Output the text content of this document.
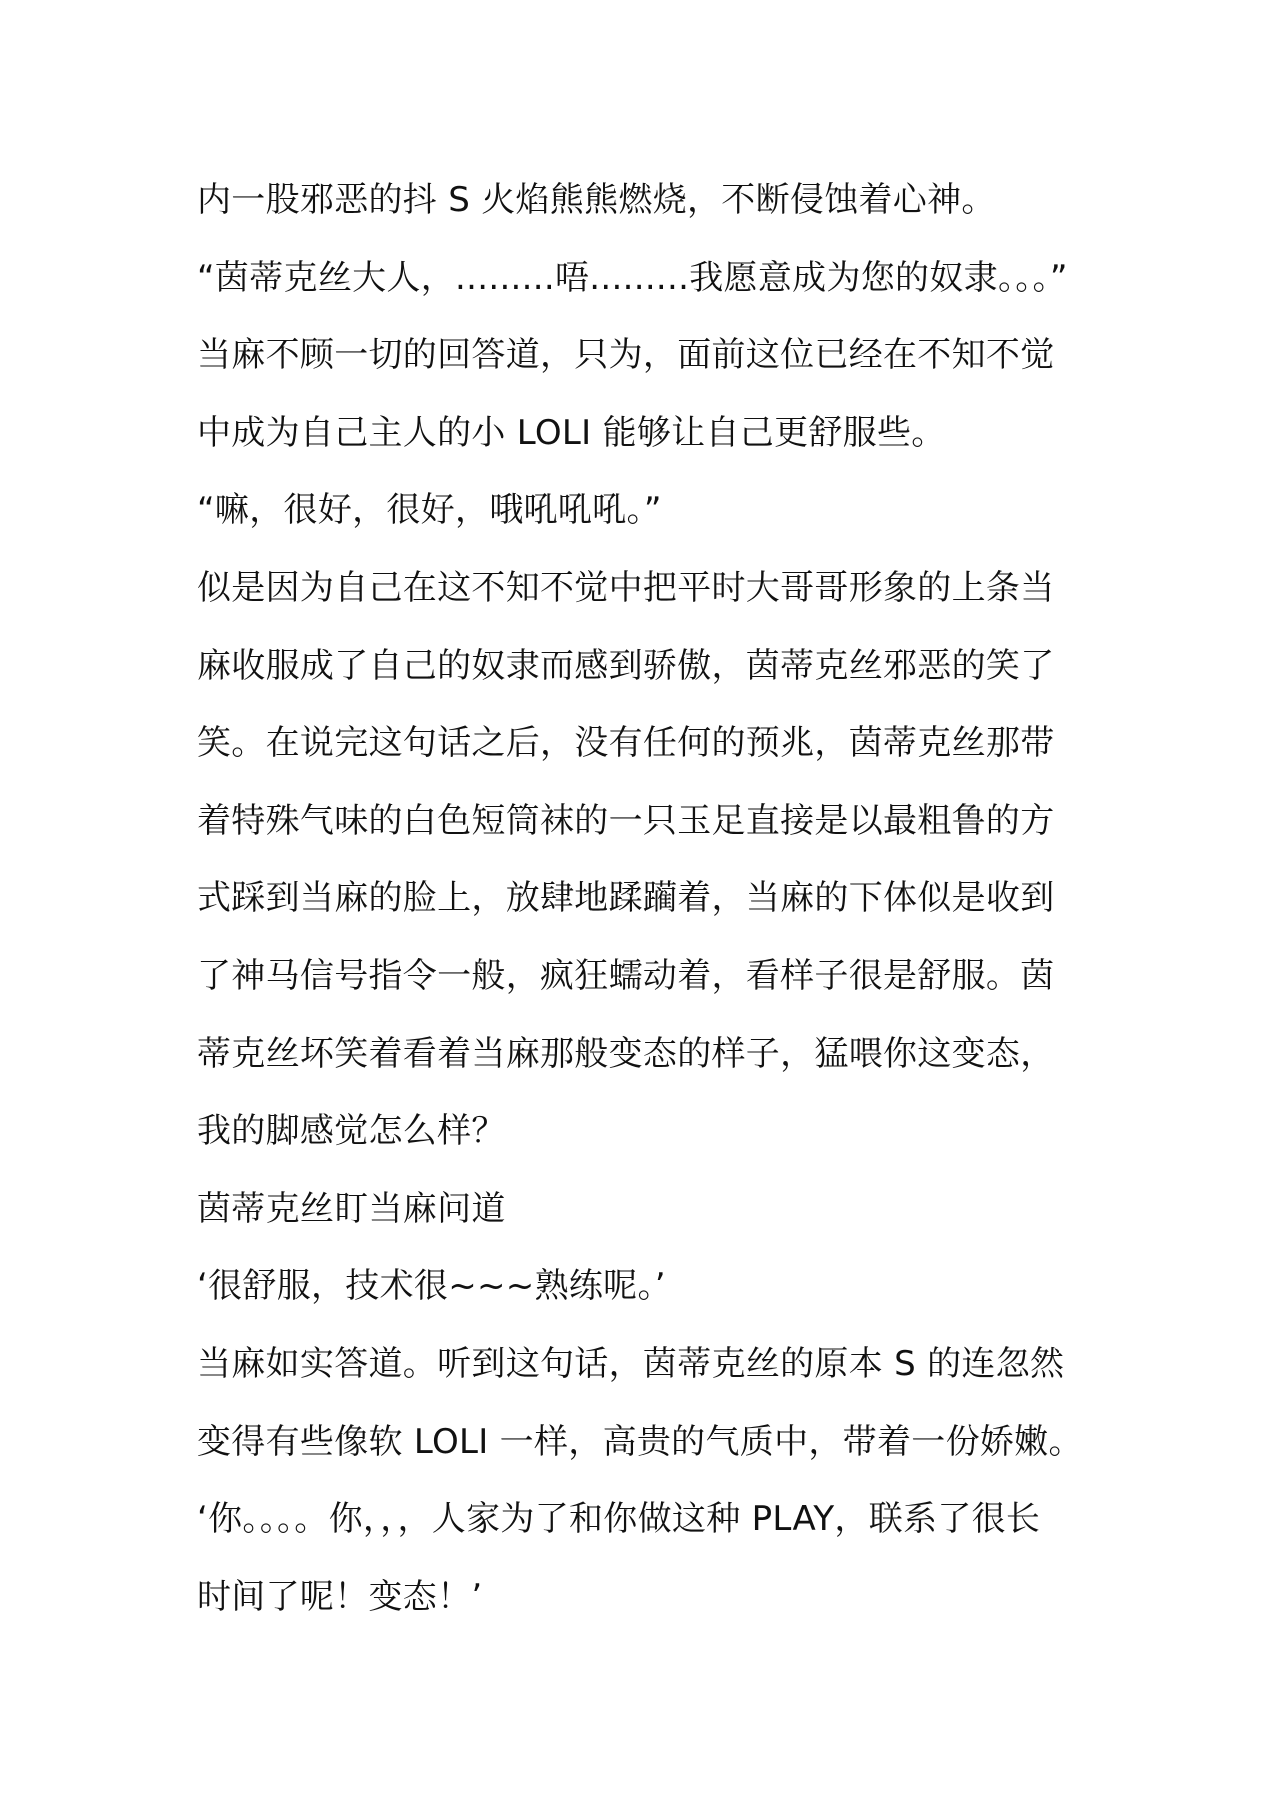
内一股邪恶的抖 S 火焰熊熊燃烧，不断侵蚀着心神。
“茵蒂克丝大人，.........唔.........我愿意成为您的奴隶。。。”
当麻不顾一切的回答道，只为，面前这位已经在不知不觉
中成为自己主人的小 LOLI 能够让自己更舒服些。
“嘛，很好，很好，哦吼吼吼。”
似是因为自己在这不知不觉中把平时大哥哥形象的上条当
麻收服成了自己的奴隶而感到骄傲，茵蒂克丝邪恶的笑了
笑。在说完这句话之后，没有任何的预兆，茵蒂克丝那带
着特殊气味的白色短筒袜的一只玉足直接是以最粗鲁的方
式踩到当麻的脸上，放肆地蹂躏着，当麻的下体似是收到
了神马信号指令一般，疯狂蠕动着，看样子很是舒服。茵
蒂克丝坏笑着看着当麻那般变态的样子，猛喂你这变态，
我的脚感觉怎么样？
茵蒂克丝盯当麻问道
‘很舒服，技术很~~~熟练呢。’
当麻如实答道。听到这句话，茵蒂克丝的原本 S 的连忽然
变得有些像软 LOLI 一样，高贵的气质中，带着一份娇嫩。
‘你。。。。你，，，人家为了和你做这种 PLAY，联系了很长
时间了呢！变态！’
